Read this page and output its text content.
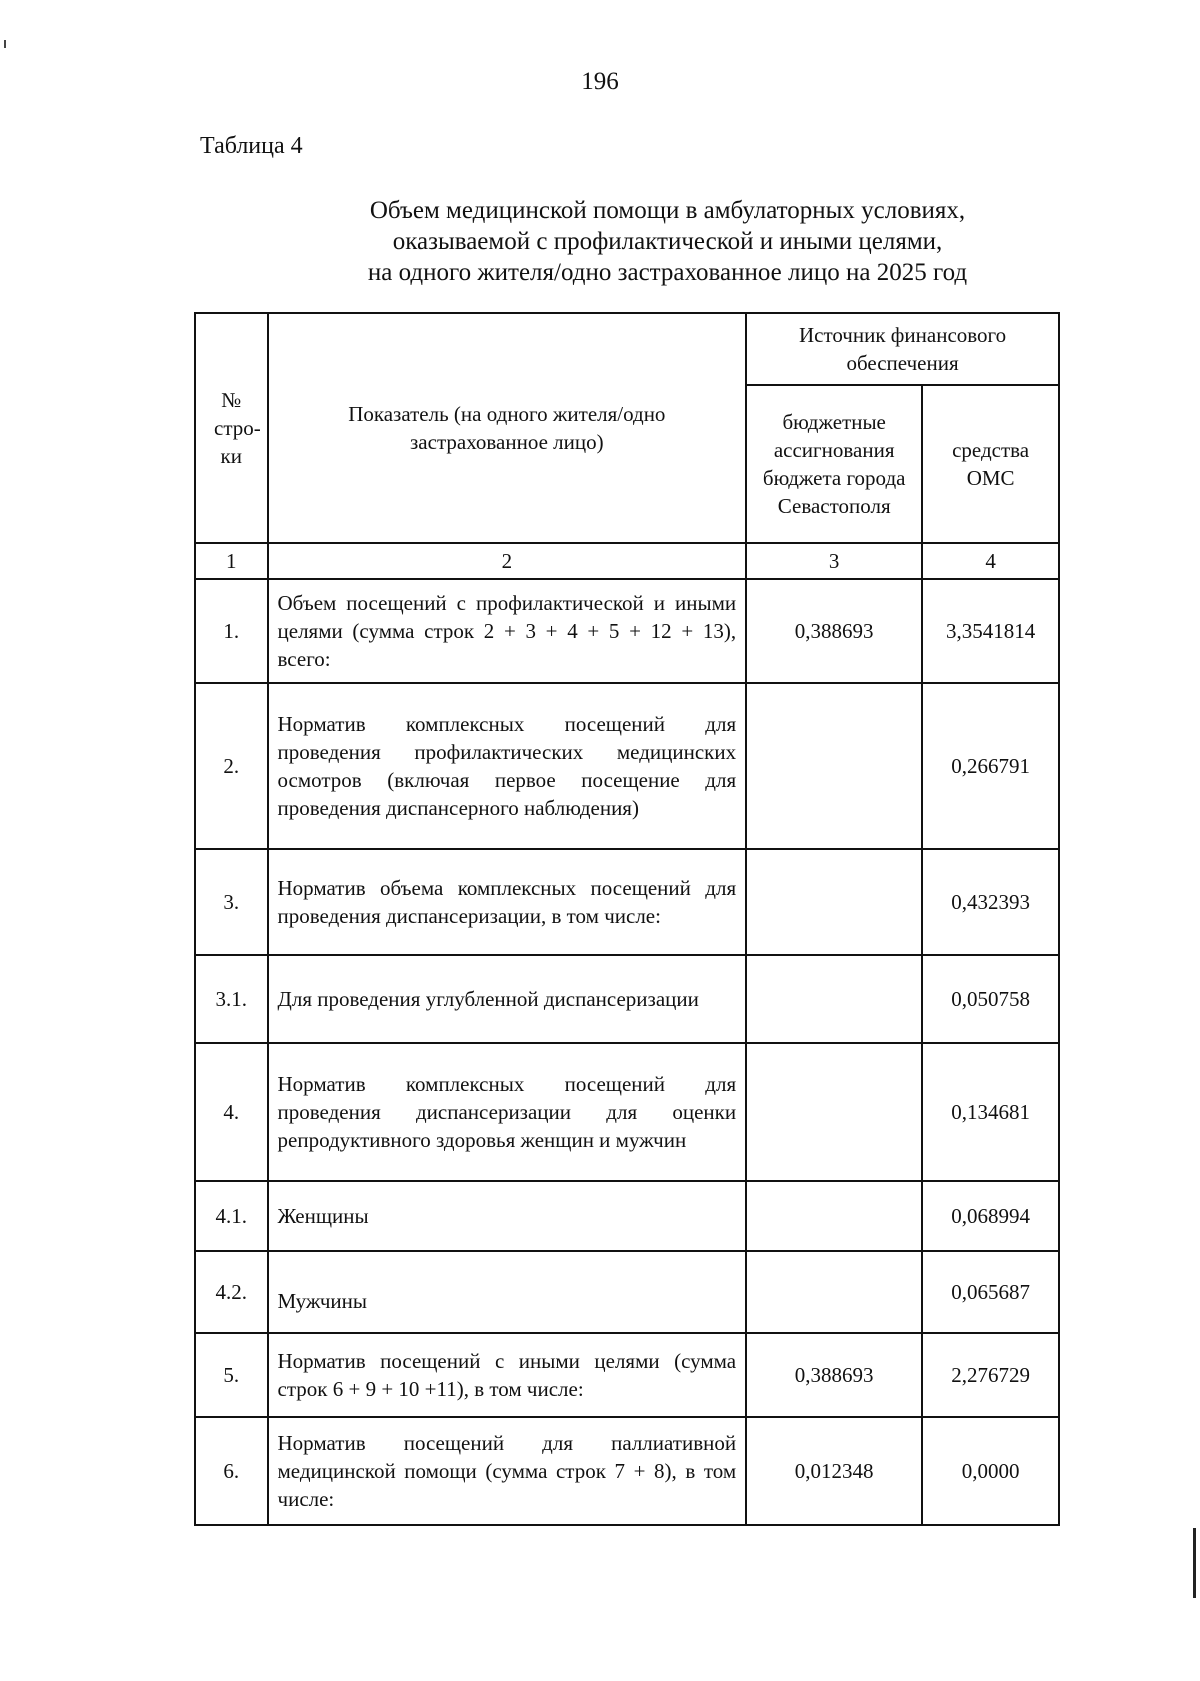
196
Таблица 4
Объем медицинской помощи в амбулаторных условиях,
оказываемой с профилактической и иными целями,
на одного жителя/одно застрахованное лицо на 2025 год
№ стро-ки	Показатель (на одного жителя/одно застрахованное лицо)	Источник финансового обеспечения	
		бюджетные ассигнования бюджета города Севастополя	средства ОМС
1	2	3	4
1.	Объем посещений с профилактической и иными целями (сумма строк 2 + 3 + 4 + 5 + 12 + 13), всего:	0,388693	3,3541814
2.	Норматив комплексных посещений для проведения профилактических медицинских осмотров (включая первое посещение для проведения диспансерного наблюдения)		0,266791
3.	Норматив объема комплексных посещений для проведения диспансеризации, в том числе:		0,432393
3.1.	Для проведения углубленной диспансеризации		0,050758
4.	Норматив комплексных посещений для проведения диспансеризации для оценки репродуктивного здоровья женщин и мужчин		0,134681
4.1.	Женщины		0,068994
4.2.	Мужчины		0,065687
5.	Норматив посещений с иными целями (сумма строк 6 + 9 + 10 +11), в том числе:	0,388693	2,276729
6.	Норматив посещений для паллиативной медицинской помощи (сумма строк 7 + 8), в том числе:	0,012348	0,0000
